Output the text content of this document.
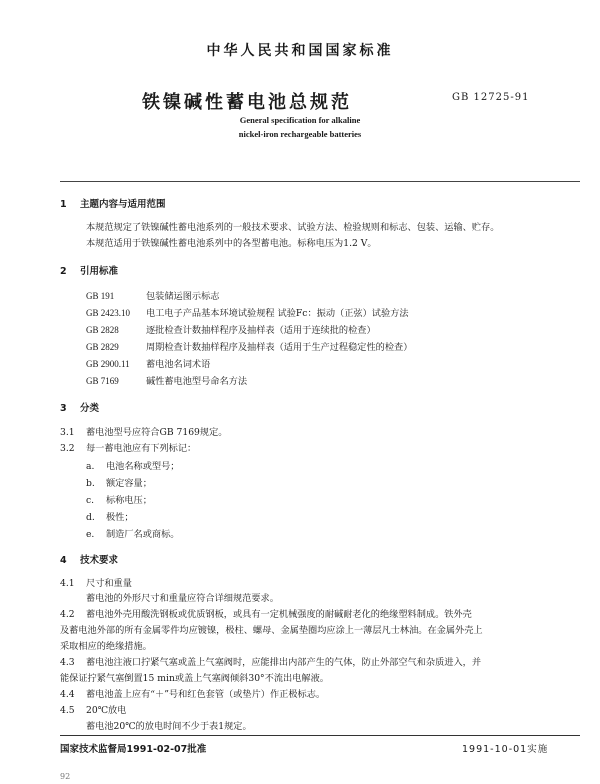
中华人民共和国国家标准
铁镍碱性蓄电池总规范	GB 12725-91
General specification for alkaline
nickel-iron rechargeable batteries
1 主题内容与适用范围
本规范规定了铁镍碱性蓄电池系列的一般技术要求、试验方法、检验规则和标志、包装、运输、贮存。
本规范适用于铁镍碱性蓄电池系列中的各型蓄电池。标称电压为1.2 V。
2 引用标准
GB 191	包装储运图示标志
GB 2423.10 电工电子产品基本环境试验规程 试验Fc：振动（正弦）试验方法
GB 2828	逐批检查计数抽样程序及抽样表（适用于连续批的检查）
GB 2829	周期检查计数抽样程序及抽样表（适用于生产过程稳定性的检查）
GB 2900.11 蓄电池名词术语
GB 7169	碱性蓄电池型号命名方法
3 分类
3.1 蓄电池型号应符合GB 7169规定。
3.2 每一蓄电池应有下列标记：
a. 电池名称或型号；
b. 额定容量；
c. 标称电压；
d. 极性；
e. 制造厂名或商标。
4 技术要求
4.1 尺寸和重量
蓄电池的外形尺寸和重量应符合详细规范要求。
4.2 蓄电池外壳用酸洗钢板或优质钢板，或具有一定机械强度的耐碱耐老化的绝缘塑料制成。铁外壳
及蓄电池外部的所有金属零件均应镀镍，极柱、螺母、金属垫圈均应涂上一薄层凡士林油。在金属外壳上
采取相应的绝缘措施。
4.3 蓄电池注液口拧紧气塞或盖上气塞阀时，应能排出内部产生的气体，防止外部空气和杂质进入，并
能保证拧紧气塞倒置15 min或盖上气塞阀倾斜30°不流出电解液。
4.4 蓄电池盖上应有“＋”号和红色套管（或垫片）作正极标志。
4.5 20℃放电
蓄电池20℃的放电时间不少于表1规定。
国家技术监督局1991-02-07批准	1991-10-01实施
92
